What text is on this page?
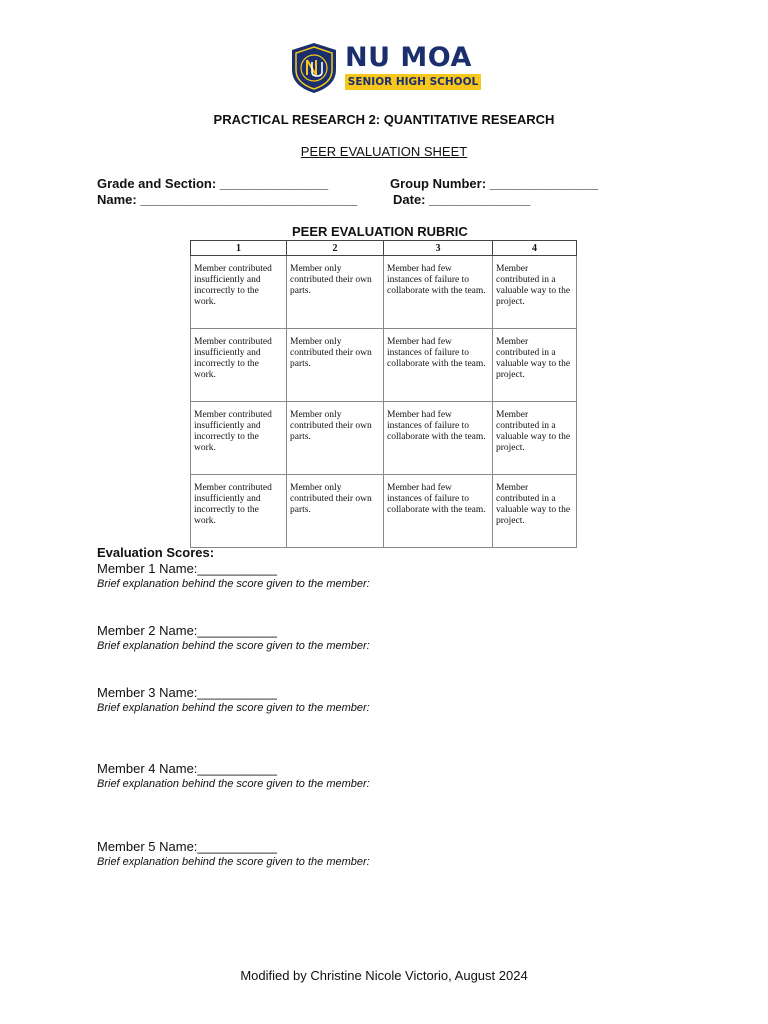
NU MOA
SENIOR HIGH SCHOOL
PRACTICAL RESEARCH 2: QUANTITATIVE RESEARCH
PEER EVALUATION SHEET
Grade and Section: _______________	Group Number: _______________
Name: ______________________________	Date: ______________
PEER EVALUATION RUBRIC
1	2	3	4
Member contributed insufficiently and incorrectly to the work.	Member only contributed their own parts.	Member had few instances of failure to collaborate with the team.	Member contributed in a valuable way to the project.
Member contributed insufficiently and incorrectly to the work.	Member only contributed their own parts.	Member had few instances of failure to collaborate with the team.	Member contributed in a valuable way to the project.
Member contributed insufficiently and incorrectly to the work.	Member only contributed their own parts.	Member had few instances of failure to collaborate with the team.	Member contributed in a valuable way to the project.
Member contributed insufficiently and incorrectly to the work.	Member only contributed their own parts.	Member had few instances of failure to collaborate with the team.	Member contributed in a valuable way to the project.
Evaluation Scores:
Member 1 Name:___________
Brief explanation behind the score given to the member:
Member 2 Name:___________
Brief explanation behind the score given to the member:
Member 3 Name:___________
Brief explanation behind the score given to the member:
Member 4 Name:___________
Brief explanation behind the score given to the member:
Member 5 Name:___________
Brief explanation behind the score given to the member:
Modified by Christine Nicole Victorio, August 2024
